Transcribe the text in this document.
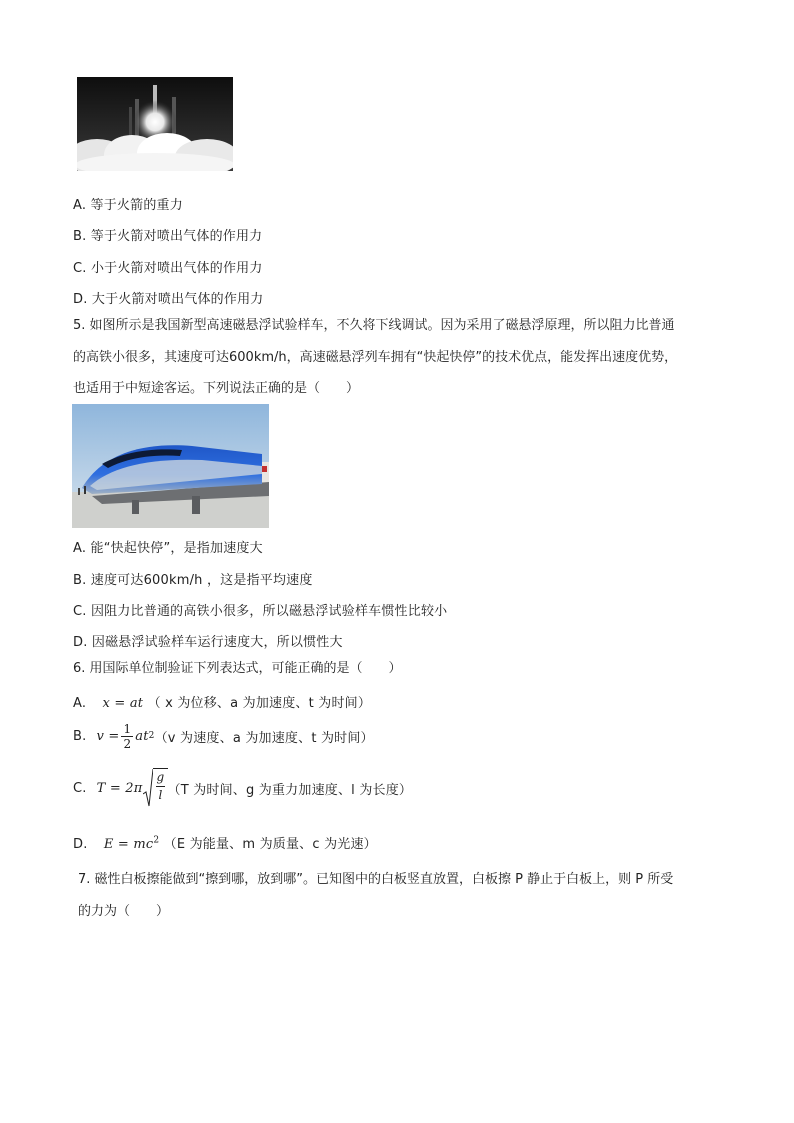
A. 等于火箭的重力
B. 等于火箭对喷出气体的作用力
C. 小于火箭对喷出气体的作用力
D. 大于火箭对喷出气体的作用力
5. 如图所示是我国新型高速磁悬浮试验样车，不久将下线调试。因为采用了磁悬浮原理，所以阻力比普通
的高铁小很多，其速度可达600km/h，高速磁悬浮列车拥有“快起快停”的技术优点，能发挥出速度优势，
也适用于中短途客运。下列说法正确的是（　　）
A. 能“快起快停”，是指加速度大
B. 速度可达600km/h ，这是指平均速度
C. 因阻力比普通的高铁小很多，所以磁悬浮试验样车惯性比较小
D. 因磁悬浮试验样车运行速度大，所以惯性大
6. 用国际单位制验证下列表达式，可能正确的是（　　）
A. x = at （ x 为位移、a 为加速度、t 为时间）
B. $v = \frac{1}{2}$ at 2 （v 为速度、a 为加速度、t 为时间）
C. $T = 2\pi \frac{g}{l} (T$ 为时间、g 为重力加速度、l 为长度）
D. $E = mc^2$ （E 为能量、m 为质量、c 为光速）
7. 磁性白板擦能做到“擦到哪，放到哪”。已知图中的白板竖直放置，白板擦 P 静止于白板上，则 P 所受
的力为（　　）
